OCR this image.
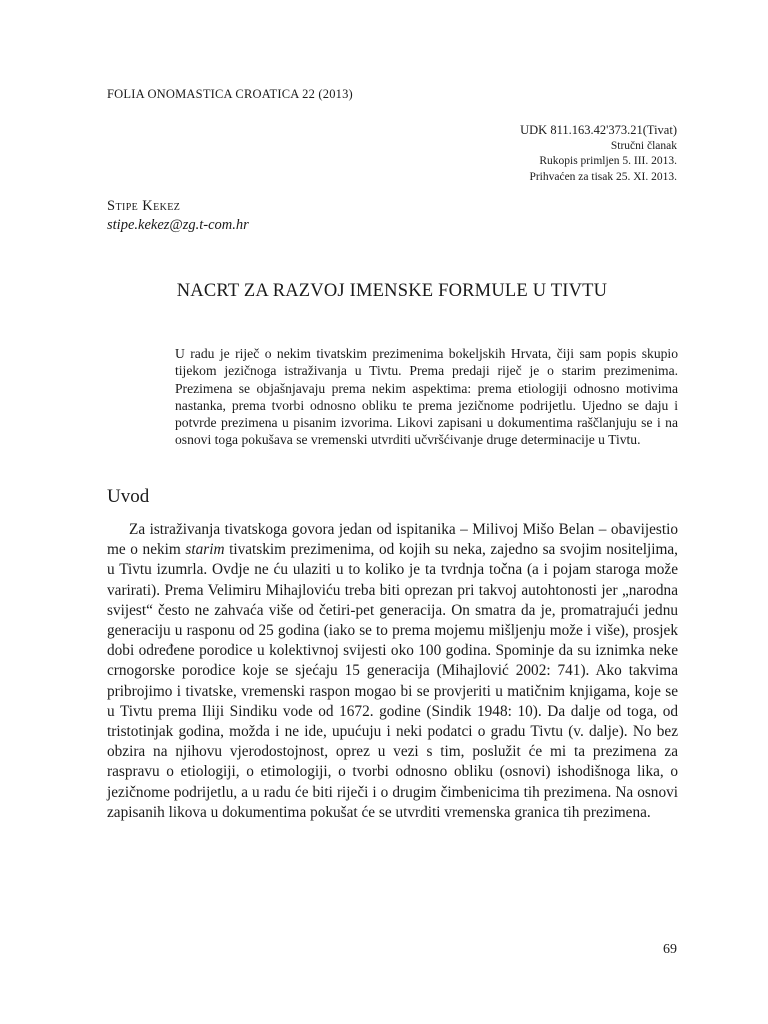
FOLIA ONOMASTICA CROATICA 22 (2013)
UDK 811.163.42'373.21(Tivat)
Stručni članak
Rukopis primljen 5. III. 2013.
Prihvaćen za tisak 25. XI. 2013.
Stipe Kekez
stipe.kekez@zg.t-com.hr
NACRT ZA RAZVOJ IMENSKE FORMULE U TIVTU
U radu je riječ o nekim tivatskim prezimenima bokeljskih Hrvata, čiji sam popis skupio tijekom jezičnoga istraživanja u Tivtu. Prema predaji riječ je o starim prezimenima. Prezimena se objašnjavaju prema nekim aspektima: prema etiologiji odnosno motivima nastanka, prema tvorbi odnosno obliku te prema jezičnome podrijetlu. Ujedno se daju i potvrde prezimena u pisanim izvorima. Likovi zapisani u dokumentima raščlanjuju se i na osnovi toga pokušava se vremenski utvrditi učvršćivanje druge determinacije u Tivtu.
Uvod

Za istraživanja tivatskoga govora jedan od ispitanika – Milivoj Mišo Belan – obavijestio me o nekim starim tivatskim prezimenima, od kojih su neka, zajedno sa svojim nositeljima, u Tivtu izumrla. Ovdje ne ću ulaziti u to koliko je ta tvrdnja točna (a i pojam staroga može varirati). Prema Velimiru Mihajloviću treba biti oprezan pri takvoj autohtonosti jer „narodna svijest“ često ne zahvaća više od četiri-pet generacija. On smatra da je, promatrajući jednu generaciju u rasponu od 25 godina (iako se to prema mojemu mišljenju može i više), prosjek dobi određene porodice u kolektivnoj svijesti oko 100 godina. Spominje da su iznimka neke crnogorske porodice koje se sjećaju 15 generacija (Mihajlović 2002: 741). Ako takvima pribrojimo i tivatske, vremenski raspon mogao bi se provjeriti u matičnim knjigama, koje se u Tivtu prema Iliji Sindiku vode od 1672. godine (Sindik 1948: 10). Da dalje od toga, od tristotinjak godina, možda i ne ide, upućuju i neki podatci o gradu Tivtu (v. dalje). No bez obzira na njihovu vjerodostojnost, oprez u vezi s tim, poslužit će mi ta prezimena za raspravu o etiologiji, o etimologiji, o tvorbi odnosno obliku (osnovi) ishodišnoga lika, o jezičnome podrijetlu, a u radu će biti riječi i o drugim čimbenicima tih prezimena. Na osnovi zapisanih likova u dokumentima pokušat će se utvrditi vremenska granica tih prezimena.

69
